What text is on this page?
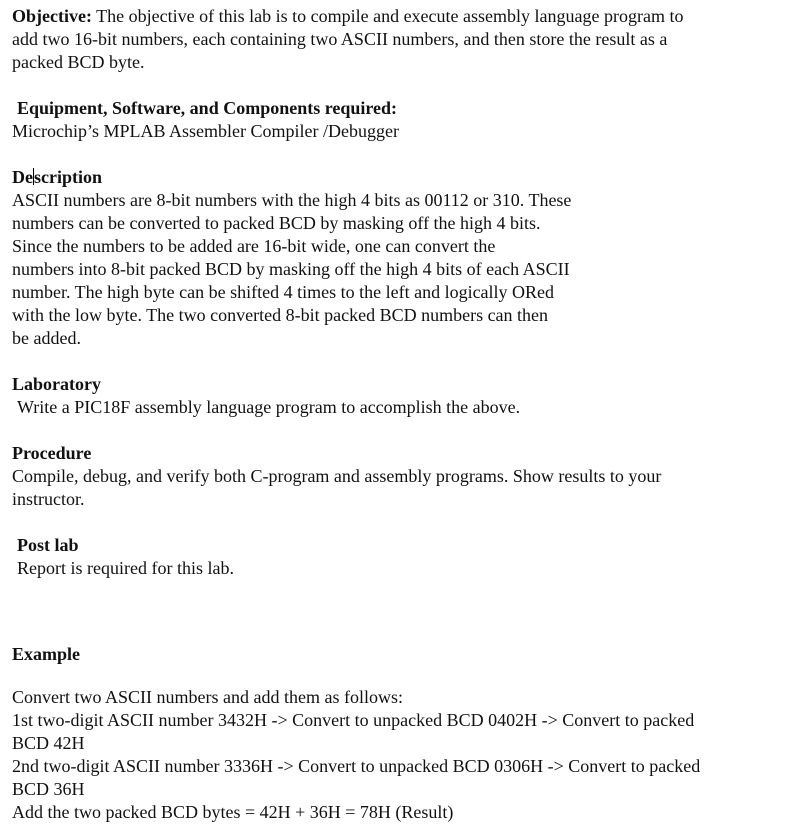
Objective: The objective of this lab is to compile and execute assembly language program to
add two 16-bit numbers, each containing two ASCII numbers, and then store the result as a
packed BCD byte.
Equipment, Software, and Components required:
Microchip’s MPLAB Assembler Compiler /Debugger
Description
ASCII numbers are 8-bit numbers with the high 4 bits as 00112 or 310. These
numbers can be converted to packed BCD by masking off the high 4 bits.
Since the numbers to be added are 16-bit wide, one can convert the
numbers into 8-bit packed BCD by masking off the high 4 bits of each ASCII
number. The high byte can be shifted 4 times to the left and logically ORed
with the low byte. The two converted 8-bit packed BCD numbers can then
be added.
Laboratory
Write a PIC18F assembly language program to accomplish the above.
Procedure
Compile, debug, and verify both C-program and assembly programs. Show results to your
instructor.
Post lab
Report is required for this lab.
Example
Convert two ASCII numbers and add them as follows:
1st two-digit ASCII number 3432H -> Convert to unpacked BCD 0402H -> Convert to packed
BCD 42H
2nd two-digit ASCII number 3336H -> Convert to unpacked BCD 0306H -> Convert to packed
BCD 36H
Add the two packed BCD bytes = 42H + 36H = 78H (Result)
